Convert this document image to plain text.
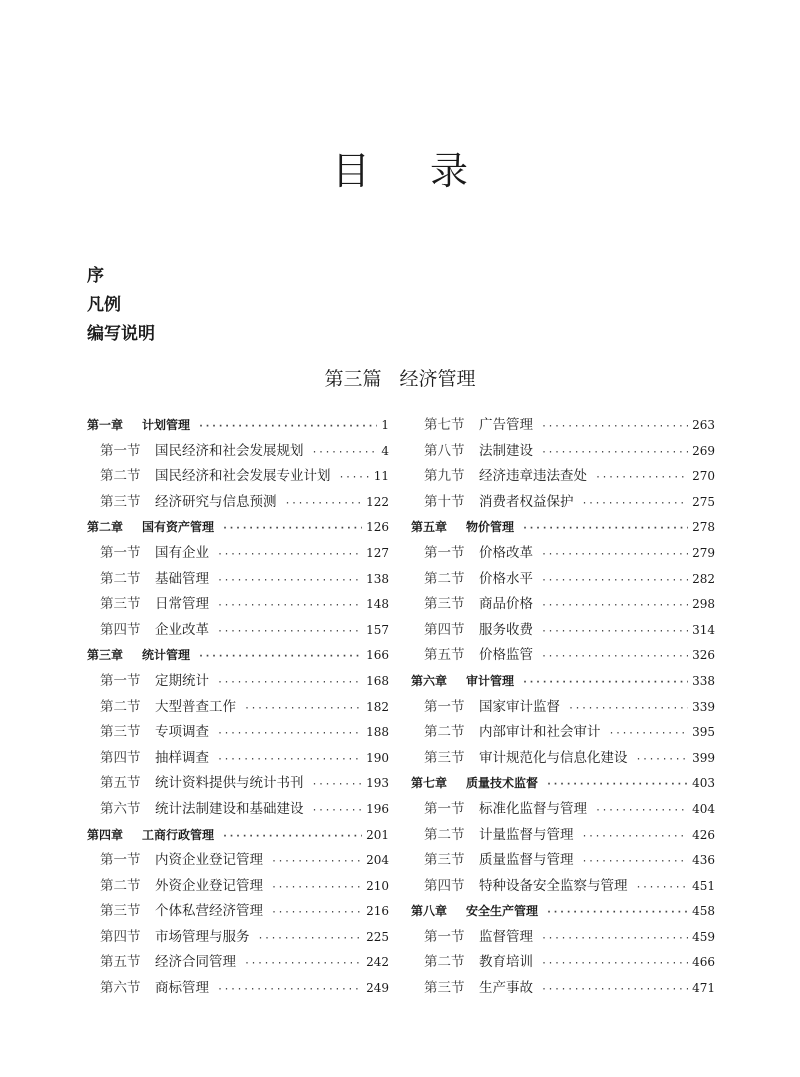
目 录
序
凡例
编写说明
第三篇 经济管理
第一章	计划管理 ·····	1
第一节	国民经济和社会发展规划 ·····	4
第二节	国民经济和社会发展专业计划 ·····	11
第三节	经济研究与信息预测 ·····	122
第二章	国有资产管理 ·····	126
第一节	国有企业 ·····	127
第二节	基础管理 ·····	138
第三节	日常管理 ·····	148
第四节	企业改革 ·····	157
第三章	统计管理 ·····	166
第一节	定期统计 ·····	168
第二节	大型普查工作 ·····	182
第三节	专项调查 ·····	188
第四节	抽样调查 ·····	190
第五节	统计资料提供与统计书刊 ·····	193
第六节	统计法制建设和基础建设 ·····	196
第四章	工商行政管理 ·····	201
第一节	内资企业登记管理 ·····	204
第二节	外资企业登记管理 ·····	210
第三节	个体私营经济管理 ·····	216
第四节	市场管理与服务 ·····	225
第五节	经济合同管理 ·····	242
第六节	商标管理 ·····	249
第七节	广告管理 ·····	263
第八节	法制建设 ·····	269
第九节	经济违章违法查处 ·····	270
第十节	消费者权益保护 ·····	275
第五章	物价管理 ·····	278
第一节	价格改革 ·····	279
第二节	价格水平 ·····	282
第三节	商品价格 ·····	298
第四节	服务收费 ·····	314
第五节	价格监管 ·····	326
第六章	审计管理 ·····	338
第一节	国家审计监督 ·····	339
第二节	内部审计和社会审计 ·····	395
第三节	审计规范化与信息化建设 ·····	399
第七章	质量技术监督 ·····	403
第一节	标准化监督与管理 ·····	404
第二节	计量监督与管理 ·····	426
第三节	质量监督与管理 ·····	436
第四节	特种设备安全监察与管理 ·····	451
第八章	安全生产管理 ·····	458
第一节	监督管理 ·····	459
第二节	教育培训 ·····	466
第三节	生产事故 ·····	471
